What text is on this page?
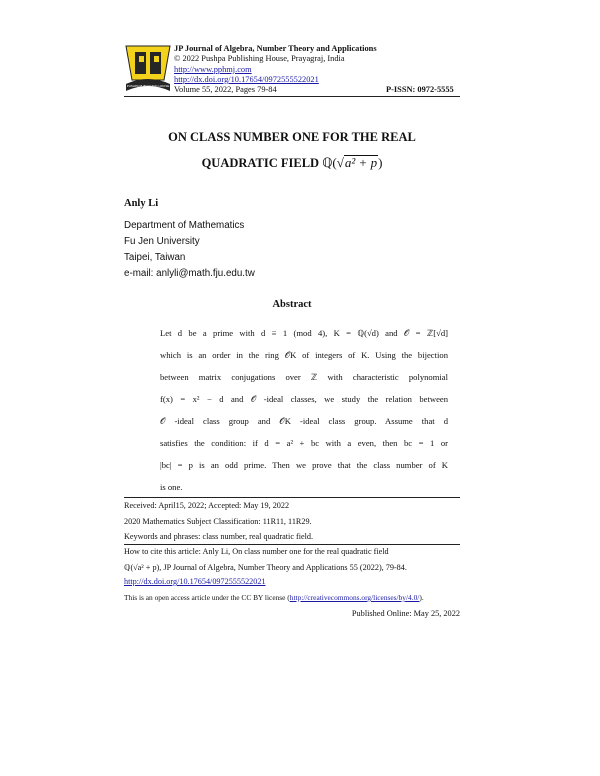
JP Journal of Algebra, Number Theory and Applications
© 2022 Pushpa Publishing House, Prayagraj, India
http://www.pphmj.com
http://dx.doi.org/10.17654/0972555522021
Volume 55, 2022, Pages 79-84	P-ISSN: 0972-5555
PUSHPA PUBLISHING HOUSE PRAYAGRAJ, INDIA
ON CLASS NUMBER ONE FOR THE REAL
QUADRATIC FIELD ℚ(√a² + p)
Anly Li
Department of Mathematics
Fu Jen University
Taipei, Taiwan
e-mail: anlyli@math.fju.edu.tw
Abstract
Let d be a prime with d ≡ 1 (mod 4), K = ℚ(√d) and 𝒪 = ℤ[√d]
which is an order in the ring 𝒪K of integers of K. Using the bijection
between matrix conjugations over ℤ with characteristic polynomial
f(x) = x² − d and 𝒪 -ideal classes, we study the relation between
𝒪 -ideal class group and 𝒪K -ideal class group. Assume that d
satisfies the condition: if d = a² + bc with a even, then bc = 1 or
|bc| = p is an odd prime. Then we prove that the class number of K
is one.
Received: April15, 2022; Accepted: May 19, 2022
2020 Mathematics Subject Classification: 11R11, 11R29.
Keywords and phrases: class number, real quadratic field.
How to cite this article: Anly Li, On class number one for the real quadratic field
ℚ(√a² + p), JP Journal of Algebra, Number Theory and Applications 55 (2022), 79-84.
http://dx.doi.org/10.17654/0972555522021
This is an open access article under the CC BY license (http://creativecommons.org/licenses/by/4.0/).
Published Online: May 25, 2022
